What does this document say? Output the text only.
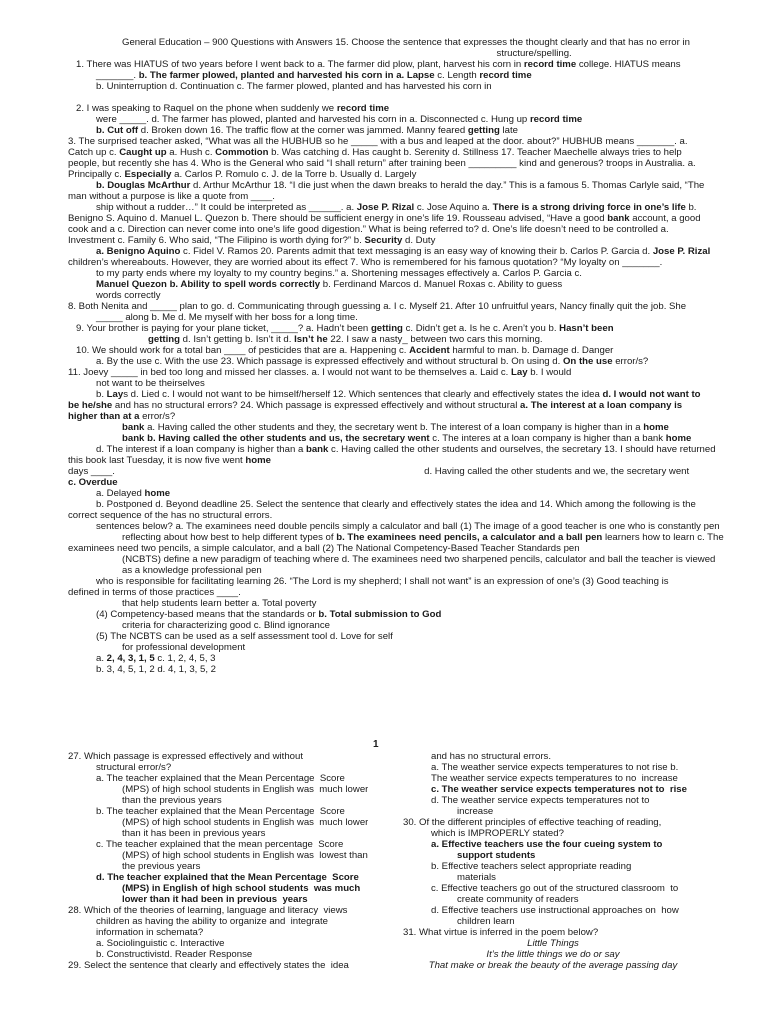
General Education – 900 Questions with Answers 15. Choose the sentence that expresses the thought clearly and that has no error in
structure/spelling.
1. There was HIATUS of two years before I went back to a. The farmer did plow, plant, harvest his corn in record time college. HIATUS means
_______. b. The farmer plowed, planted and harvested his corn in a. Lapse c. Length record time
b. Uninterruption d. Continuation c. The farmer plowed, planted and has harvested his corn in
2. I was speaking to Raquel on the phone when suddenly we record time
were _____. d. The farmer has plowed, planted and harvested his corn in a. Disconnected c. Hung up record time
b. Cut off d. Broken down 16. The traffic flow at the corner was jammed. Manny feared getting late
3. The surprised teacher asked, “What was all the HUBHUB so he _____ with a bus and leaped at the door. about?” HUBHUB means _______. a.
Catch up c. Caught up a. Hush c. Commotion b. Was catching d. Has caught b. Serenity d. Stillness 17. Teacher Maechelle always tries to help
people, but recently she has 4. Who is the General who said “I shall return” after training been _________ kind and generous? troops in Australia. a.
Principally c. Especially a. Carlos P. Romulo c. J. de la Torre b. Usually d. Largely
b. Douglas McArthur d. Arthur McArthur 18. “I die just when the dawn breaks to herald the day.” This is a famous 5. Thomas Carlyle said, “The
man without a purpose is like a quote from ____.
ship without a rudder…” It could be interpreted as ______. a. Jose P. Rizal c. Jose Aquino a. There is a strong driving force in one’s life b.
Benigno S. Aquino d. Manuel L. Quezon b. There should be sufficient energy in one’s life 19. Rousseau advised, “Have a good bank account, a good
cook and a c. Direction can never come into one’s life good digestion.” What is being referred to? d. One’s life doesn’t need to be controlled a.
Investment c. Family 6. Who said, “The Filipino is worth dying for?” b. Security d. Duty
a. Benigno Aquino c. Fidel V. Ramos 20. Parents admit that text messaging is an easy way of knowing their b. Carlos P. Garcia d. Jose P. Rizal
children’s whereabouts. However, they are worried about its effect 7. Who is remembered for his famous quotation? “My loyalty on _______.
to my party ends where my loyalty to my country begins.” a. Shortening messages effectively a. Carlos P. Garcia c.
Manuel Quezon b. Ability to spell words correctly b. Ferdinand Marcos d. Manuel Roxas c. Ability to guess
words correctly
8. Both Nenita and _____ plan to go. d. Communicating through guessing a. I c. Myself 21. After 10 unfruitful years, Nancy finally quit the job. She
_____ along b. Me d. Me myself with her boss for a long time.
9. Your brother is paying for your plane ticket, _____? a. Hadn’t been getting c. Didn’t get a. Is he c. Aren’t you b. Hasn’t been
getting d. Isn’t getting b. Isn’t it d. Isn’t he 22. I saw a nasty_ between two cars this morning.
10. We should work for a total ban ____ of pesticides that are a. Happening c. Accident harmful to man. b. Damage d. Danger
a. By the use c. With the use 23. Which passage is expressed effectively and without structural b. On using d. On the use error/s?
11. Joevy _____ in bed too long and missed her classes. a. I would not want to be themselves a. Laid c. Lay b. I would
not want to be theirselves
b. Lays d. Lied c. I would not want to be himself/herself 12. Which sentences that clearly and effectively states the idea d. I would not want to
be he/she and has no structural errors? 24. Which passage is expressed effectively and without structural a. The interest at a loan company is
higher than at a error/s?
bank a. Having called the other students and they, the secretary went b. The interest of a loan company is higher than in a home
bank b. Having called the other students and us, the secretary went c. The interes at a loan company is higher than a bank home
d. The interest if a loan company is higher than a bank c. Having called the other students and ourselves, the secretary 13. I should have returned
this book last Tuesday, it is now five went home
days ____.                                                                                                                    d. Having called the other students and we, the secretary went
c. Overdue
a. Delayed home
b. Postponed d. Beyond deadline 25. Select the sentence that clearly and effectively states the idea and 14. Which among the following is the
correct sequence of the has no structural errors.
sentences below? a. The examinees need double pencils simply a calculator and ball (1) The image of a good teacher is one who is constantly pen
reflecting about how best to help different types of b. The examinees need pencils, a calculator and a ball pen learners how to learn c. The
examinees need two pencils, a simple calculator, and a ball (2) The National Competency-Based Teacher Standards pen
(NCBTS) define a new paradigm of teaching where d. The examinees need two sharpened pencils, calculator and ball the teacher is viewed
as a knowledge professional pen
who is responsible for facilitating learning 26. “The Lord is my shepherd; I shall not want” is an expression of one’s (3) Good teaching is
defined in terms of those practices ____.
that help students learn better a. Total poverty
(4) Competency-based means that the standards or b. Total submission to God
criteria for characterizing good c. Blind ignorance
(5) The NCBTS can be used as a self assessment tool d. Love for self
for professional development
a. 2, 4, 3, 1, 5 c. 1, 2, 4, 5, 3
b. 3, 4, 5, 1, 2 d. 4, 1, 3, 5, 2
1
27. Which passage is expressed effectively and without
structural error/s?
a. The teacher explained that the Mean Percentage  Score
(MPS) of high school students in English was  much lower
than the previous years
b. The teacher explained that the Mean Percentage  Score
(MPS) of high school students in English was  much lower
than it has been in previous years
c. The teacher explained that the mean percentage  Score
(MPS) of high school students in English was  lowest than
the previous years
d. The teacher explained that the Mean Percentage  Score
(MPS) in English of high school students  was much
lower than it had been in previous  years
28. Which of the theories of learning, language and literacy  views
children as having the ability to organize and  integrate
information in schemata?
a. Sociolinguistic c. Interactive
b. Constructivistd. Reader Response
29. Select the sentence that clearly and effectively states the  idea
and has no structural errors.
a. The weather service expects temperatures to not rise b.
The weather service expects temperatures to no  increase
c. The weather service expects temperatures not to  rise
d. The weather service expects temperatures not to
increase
30. Of the different principles of effective teaching of reading,
which is IMPROPERLY stated?
a. Effective teachers use the four cueing system to
support students
b. Effective teachers select appropriate reading
materials
c. Effective teachers go out of the structured classroom  to
create community of readers
d. Effective teachers use instructional approaches on  how
children learn
31. What virtue is inferred in the poem below?
Little Things
It’s the little things we do or say
That make or break the beauty of the average passing day
